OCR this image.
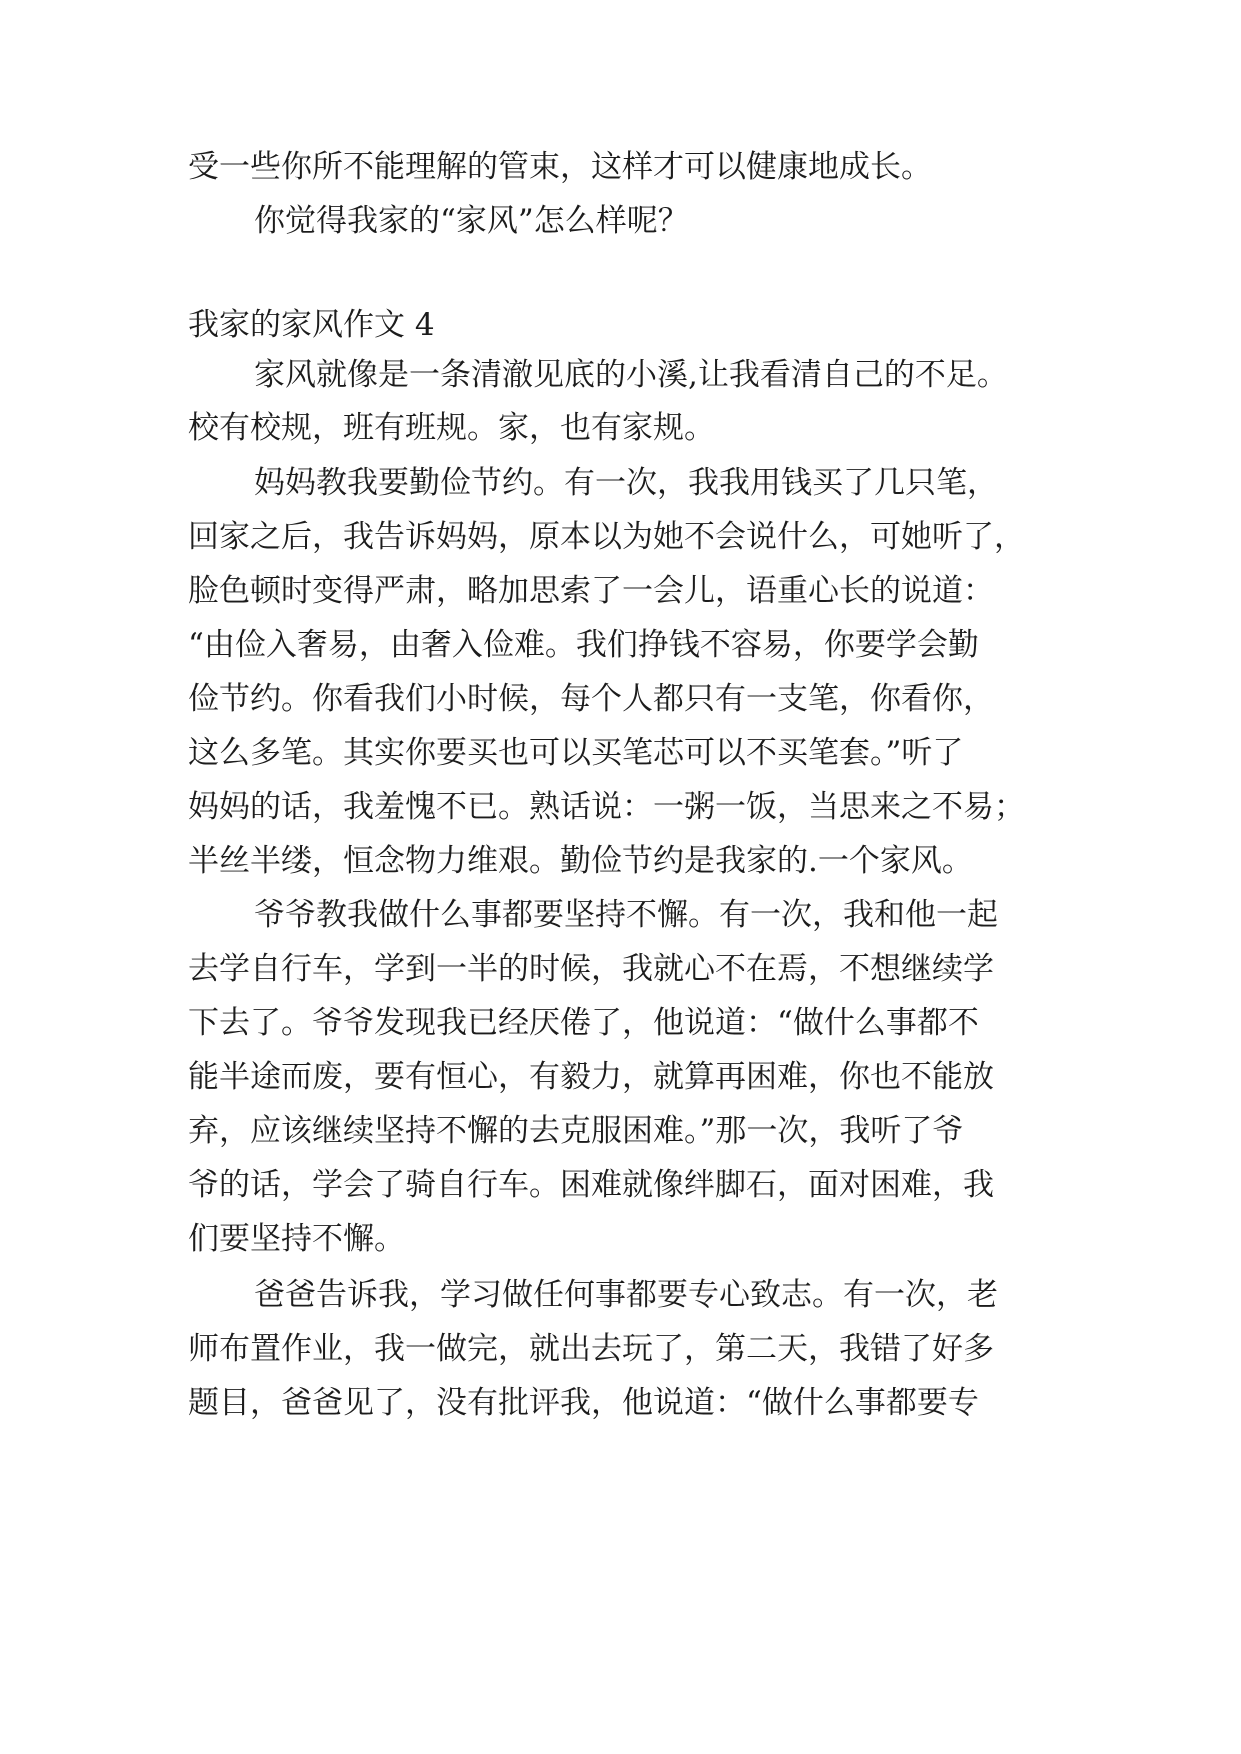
受一些你所不能理解的管束，这样才可以健康地成长。
你觉得我家的“家风”怎么样呢？
我家的家风作文 4
家风就像是一条清澈见底的小溪,让我看清自己的不足。
校有校规，班有班规。家，也有家规。
妈妈教我要勤俭节约。有一次，我我用钱买了几只笔，
回家之后，我告诉妈妈，原本以为她不会说什么，可她听了，
脸色顿时变得严肃，略加思索了一会儿，语重心长的说道：
“由俭入奢易，由奢入俭难。我们挣钱不容易，你要学会勤
俭节约。你看我们小时候，每个人都只有一支笔，你看你，
这么多笔。其实你要买也可以买笔芯可以不买笔套。”听了
妈妈的话，我羞愧不已。熟话说：一粥一饭，当思来之不易；
半丝半缕，恒念物力维艰。勤俭节约是我家的.一个家风。
爷爷教我做什么事都要坚持不懈。有一次，我和他一起
去学自行车，学到一半的时候，我就心不在焉，不想继续学
下去了。爷爷发现我已经厌倦了，他说道：“做什么事都不
能半途而废，要有恒心，有毅力，就算再困难，你也不能放
弃，应该继续坚持不懈的去克服困难。”那一次，我听了爷
爷的话，学会了骑自行车。困难就像绊脚石，面对困难，我
们要坚持不懈。
爸爸告诉我，学习做任何事都要专心致志。有一次，老
师布置作业，我一做完，就出去玩了，第二天，我错了好多
题目，爸爸见了，没有批评我，他说道：“做什么事都要专
